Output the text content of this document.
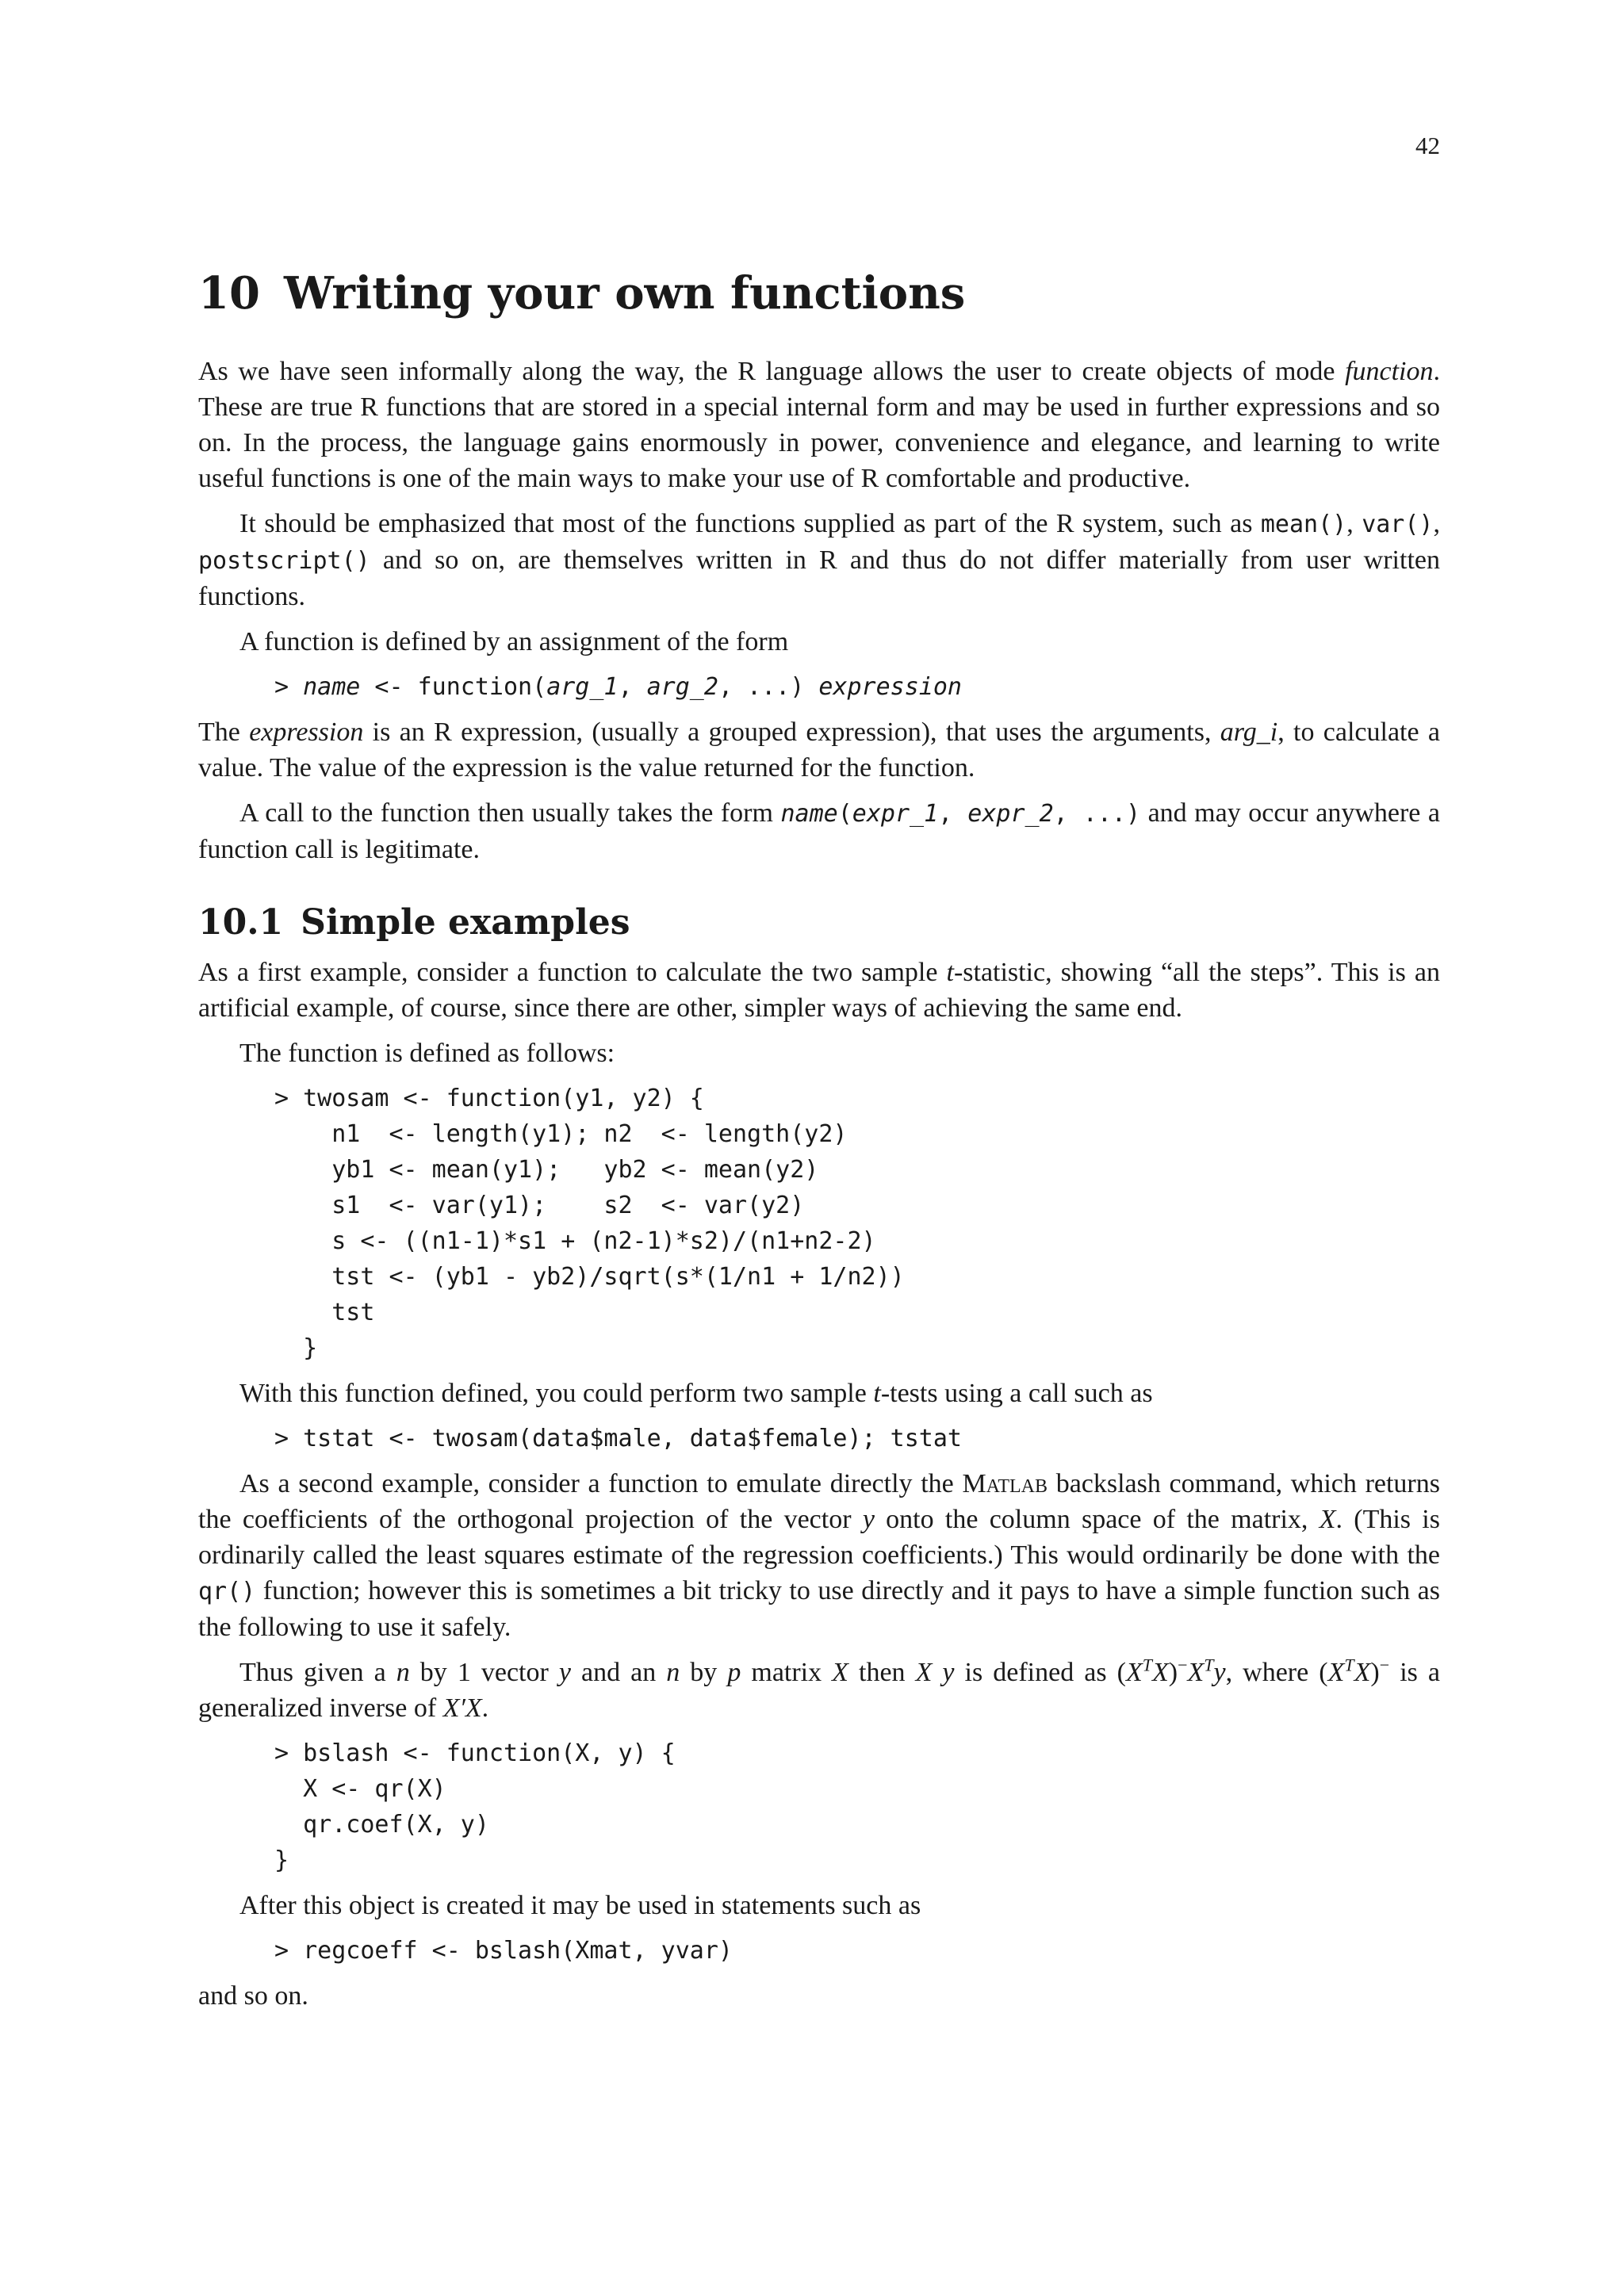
42
10 Writing your own functions

As we have seen informally along the way, the R language allows the user to create objects of mode function. These are true R functions that are stored in a special internal form and may be used in further expressions and so on. In the process, the language gains enormously in power, convenience and elegance, and learning to write useful functions is one of the main ways to make your use of R comfortable and productive.

It should be emphasized that most of the functions supplied as part of the R system, such as mean(), var(), postscript() and so on, are themselves written in R and thus do not differ materially from user written functions.

A function is defined by an assignment of the form

> name <- function(arg_1, arg_2, ...) expression

The expression is an R expression, (usually a grouped expression), that uses the arguments, arg_i, to calculate a value. The value of the expression is the value returned for the function.

A call to the function then usually takes the form name(expr_1, expr_2, ...) and may occur anywhere a function call is legitimate.

10.1 Simple examples

As a first example, consider a function to calculate the two sample t-statistic, showing “all the steps”. This is an artificial example, of course, since there are other, simpler ways of achieving the same end.

The function is defined as follows:

> twosam <- function(y1, y2) {
n1  <- length(y1); n2  <- length(y2)
yb1 <- mean(y1);   yb2 <- mean(y2)
s1  <- var(y1);    s2  <- var(y2)
s <- ((n1-1)*s1 + (n2-1)*s2)/(n1+n2-2)
tst <- (yb1 - yb2)/sqrt(s*(1/n1 + 1/n2))
tst
}

With this function defined, you could perform two sample t-tests using a call such as

> tstat <- twosam(data$male, data$female); tstat

As a second example, consider a function to emulate directly the Matlab backslash command, which returns the coefficients of the orthogonal projection of the vector y onto the column space of the matrix, X. (This is ordinarily called the least squares estimate of the regression coefficients.) This would ordinarily be done with the qr() function; however this is sometimes a bit tricky to use directly and it pays to have a simple function such as the following to use it safely.

Thus given a n by 1 vector y and an n by p matrix X then X y is defined as $(X^TX)^-X^Ty$, where $(X^TX)^-$ is a generalized inverse of X′X.

> bslash <- function(X, y) {
X <- qr(X)
qr.coef(X, y)
}

After this object is created it may be used in statements such as

> regcoeff <- bslash(Xmat, yvar)

and so on.
